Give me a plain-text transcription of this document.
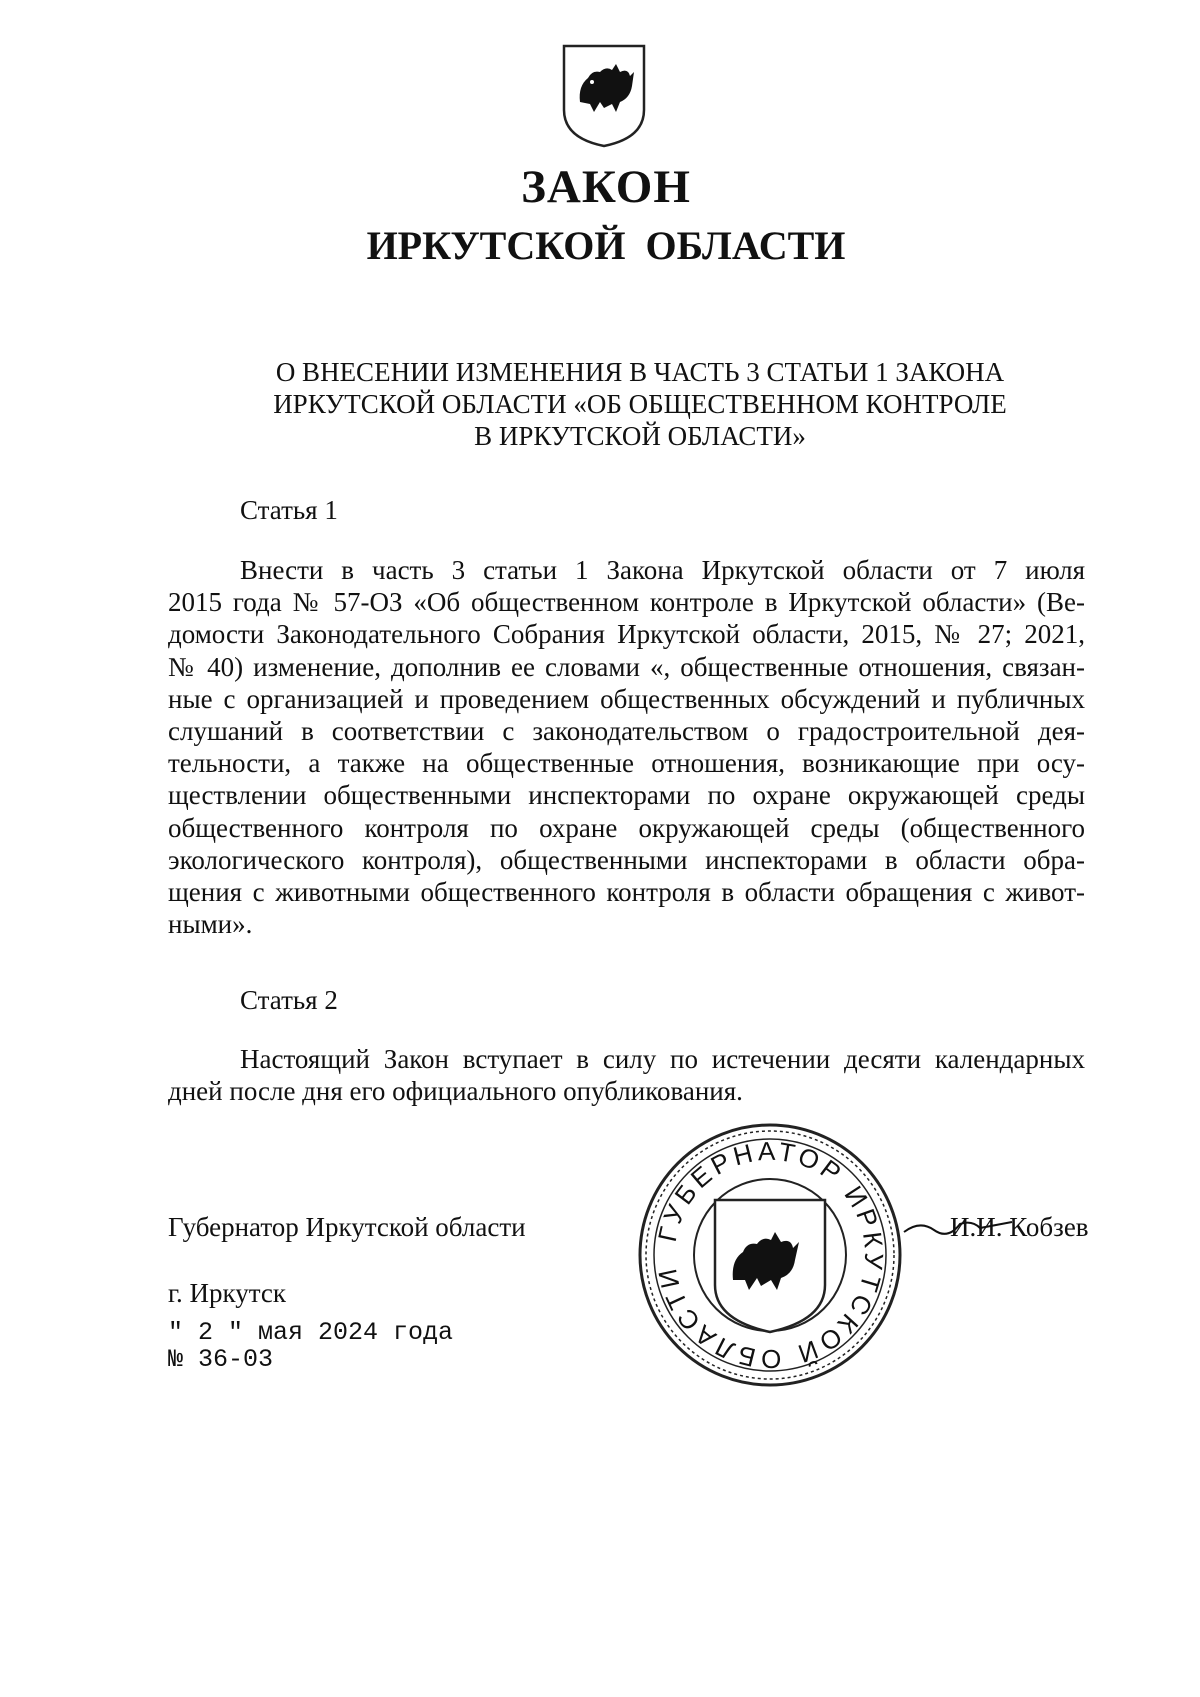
ЗАКОН
ИРКУТСКОЙ ОБЛАСТИ
О ВНЕСЕНИИ ИЗМЕНЕНИЯ В ЧАСТЬ 3 СТАТЬИ 1 ЗАКОНА
ИРКУТСКОЙ ОБЛАСТИ «ОБ ОБЩЕСТВЕННОМ КОНТРОЛЕ
В ИРКУТСКОЙ ОБЛАСТИ»
Статья 1
Внести в часть 3 статьи 1 Закона Иркутской области от 7 июля
2015 года № 57-ОЗ «Об общественном контроле в Иркутской области» (Ве-
домости Законодательного Собрания Иркутской области, 2015, № 27; 2021,
№ 40) изменение, дополнив ее словами «, общественные отношения, связан-
ные с организацией и проведением общественных обсуждений и публичных
слушаний в соответствии с законодательством о градостроительной дея-
тельности, а также на общественные отношения, возникающие при осу-
ществлении общественными инспекторами по охране окружающей среды
общественного контроля по охране окружающей среды (общественного
экологического контроля), общественными инспекторами в области обра-
щения с животными общественного контроля в области обращения с живот-
ными».
Статья 2
Настоящий Закон вступает в силу по истечении десяти календарных
дней после дня его официального опубликования.
ГУБЕРНАТОР ИРКУТСКОЙ ОБЛАСТИ
Губернатор Иркутской области	И.И. Кобзев
г. Иркутск
" 2 " мая 2024 года
№ 36-03
